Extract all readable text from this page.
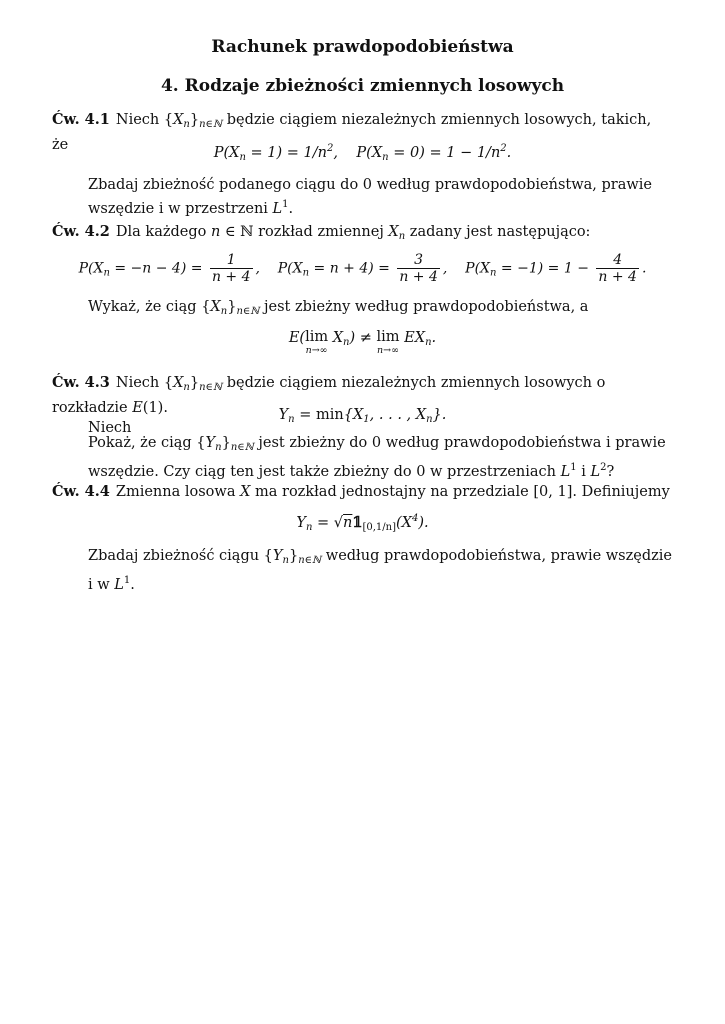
Rachunek prawdopodobieństwa
4. Rodzaje zbieżności zmiennych losowych
Ćw. 4.1 Niech $\{X_n\}_{n\in ℕ}$ będzie ciągiem niezależnych zmiennych losowych, takich, że	$P(X_n = 1) = 1/n^2$,    $P(X_n = 0) = 1 - 1/n^2$.
Zbadaj zbieżność podanego ciągu do 0 według prawdopodobieństwa, prawie wszędzie i w przestrzeni $L^1$.
Ćw. 4.2 Dla każdego n ∈ ℕ rozkład zmiennej $X_n$ zadany jest następująco:
$P(X_n = -n - 4) = \frac{1}{n + 4}$ ,    $P(X_n = n + 4) = \frac{3}{n + 4}$ ,    $P(X_n = -1) = 1 - \frac{4}{n + 4}$ .
Wykaż, że ciąg $\{X_n\}_{n\in ℕ}$ jest zbieżny według prawdopodobieństwa, a
E(lim
n→∞
$X_n) \ne \lim$
n→∞
$EX_n$.
Ćw. 4.3 Niech $\{X_n\}_{n\in ℕ}$ będzie ciągiem niezależnych zmiennych losowych o rozkładzie E(1).
Niech
$Y_n = \min\{X_1$, . . . , $X_n$}.
Pokaż, że ciąg $\{Y_n\}_{n\in ℕ}$ jest zbieżny do 0 według prawdopodobieństwa i prawie wszędzie. Czy ciąg ten jest także zbieżny do 0 w przestrzeniach $L^1$ i $L^2$?
Ćw. 4.4 Zmienna losowa X ma rozkład jednostajny na przedziale [0, 1]. Definiujemy
$Y_n$ = $√n𝟙_{[0,1/n]}(X^4)$.
Zbadaj zbieżność ciągu $\{Y_n\}_{n\in ℕ}$ według prawdopodobieństwa, prawie wszędzie i w $L^1$.
